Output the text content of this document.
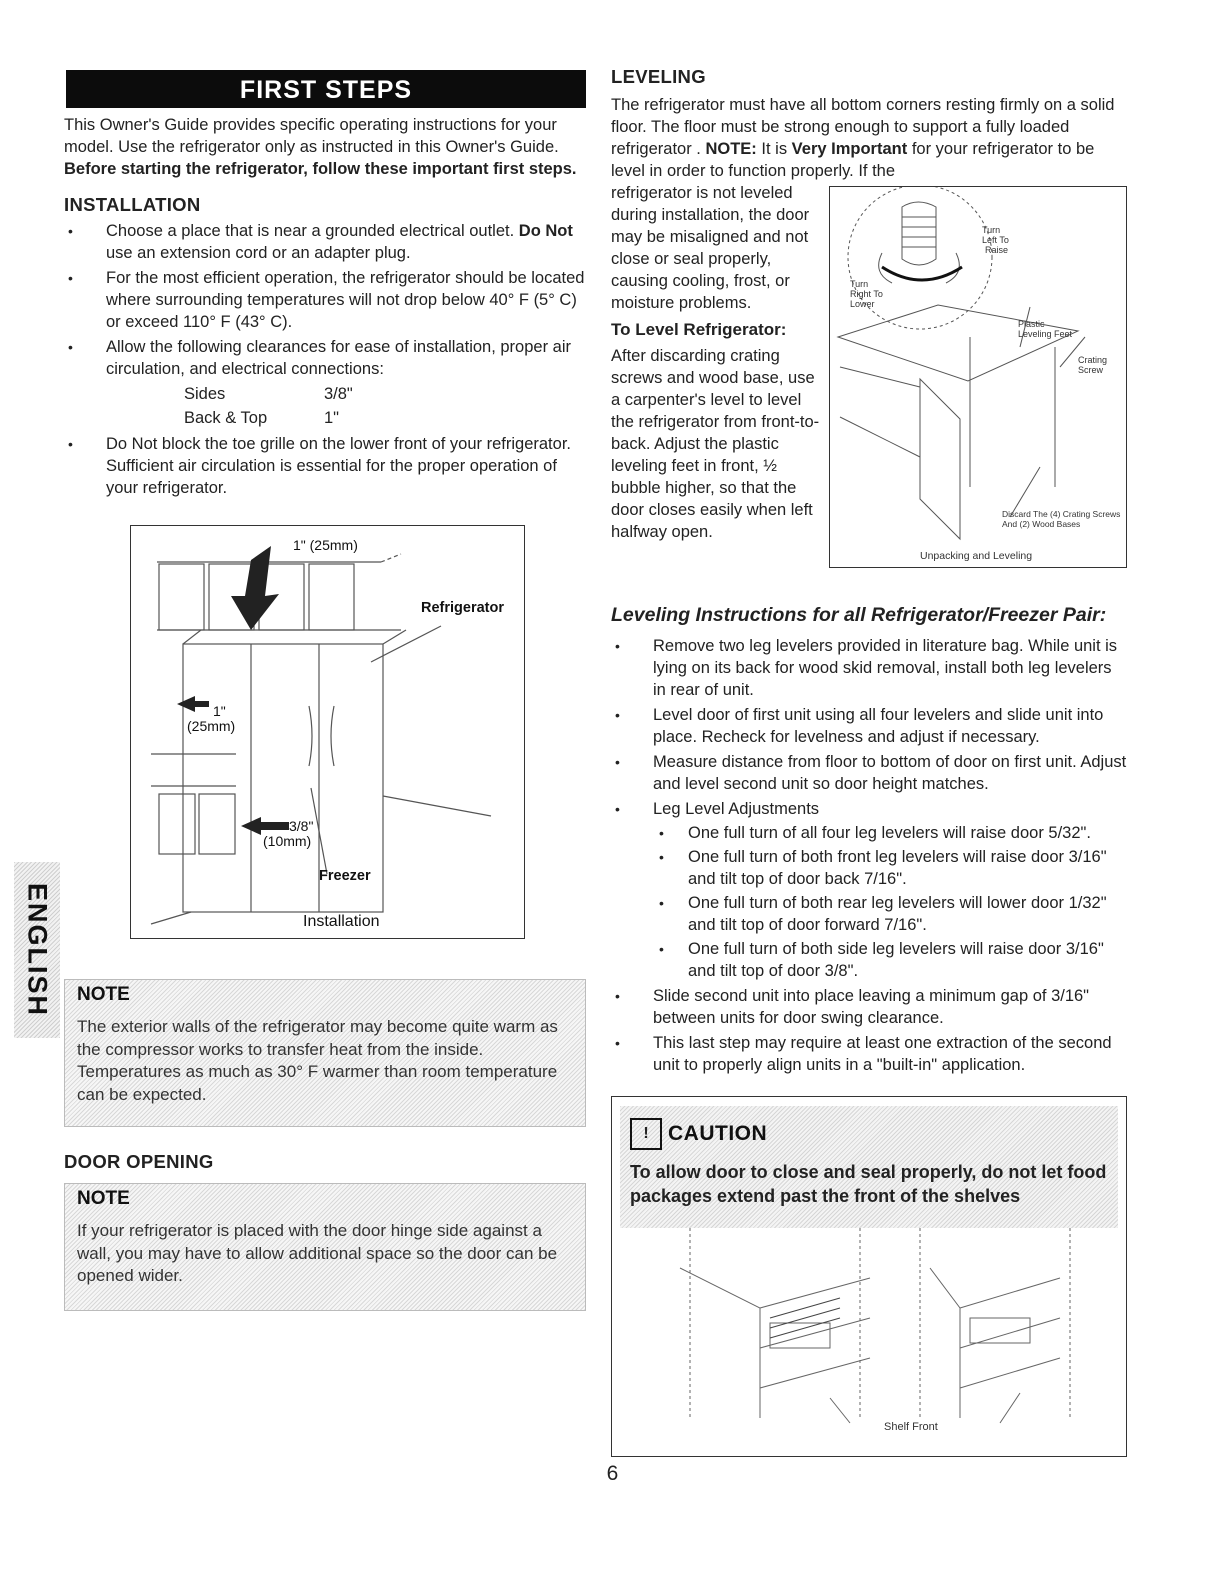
FIRST STEPS

This Owner's Guide provides specific operating instructions for your model. Use the refrigerator only as instructed in this Owner's Guide. Before starting the refrigerator, follow these important first steps.

INSTALLATION
• Choose a place that is near a grounded electrical outlet. Do Not use an extension cord or an adapter plug.
• For the most efficient operation, the refrigerator should be located where surrounding temperatures will not drop below 40° F (5° C) or exceed 110° F (43° C).
• Allow the following clearances for ease of installation, proper air circulation, and electrical connections:
Sides	3/8"
Back & Top	1"
• Do Not block the toe grille on the lower front of your refrigerator. Sufficient air circulation is essential for the proper operation of your refrigerator.
1" (25mm)
Refrigerator
1"
(25mm)
3/8"
(10mm)
Freezer
Installation
NOTE
The exterior walls of the refrigerator may become quite warm as the compressor works to transfer heat from the inside. Temperatures as much as 30° F warmer than room temperature can be expected.
DOOR OPENING
NOTE
If your refrigerator is placed with the door hinge side against a wall, you may have to allow additional space so the door can be opened wider.
LEVELING

The refrigerator must have all bottom corners resting firmly on a solid floor. The floor must be strong enough to support a fully loaded refrigerator . NOTE: It is Very Important for your refrigerator to be level in order to function properly. If the

refrigerator is not leveled during installation, the door may be misaligned and not close or seal properly, causing cooling, frost, or moisture problems.

To Level Refrigerator:

After discarding crating screws and wood base, use a carpenter's level to level the refrigerator from front-to-back. Adjust the plastic leveling feet in front, ½ bubble higher, so that the door closes easily when left halfway open.

Turn
Left To
Raise
Turn
Right To
Lower
Plastic
Leveling Feet
Crating
Screw
Discard The (4) Crating Screws
And (2) Wood Bases
Unpacking and Leveling
Leveling Instructions for all Refrigerator/Freezer Pair:
• Remove two leg levelers provided in literature bag. While unit is lying on its back for wood skid removal, install both leg levelers in rear of unit.
• Level door of first unit using all four levelers and slide unit into place. Recheck for levelness and adjust if necessary.
• Measure distance from floor to bottom of door on first unit. Adjust and level second unit so door height matches.
• Leg Level Adjustments
• One full turn of all four leg levelers will raise door 5/32".
• One full turn of both front leg levelers will raise door 3/16" and tilt top of door back 7/16".
• One full turn of both rear leg levelers will lower door 1/32" and tilt top of door forward 7/16".
• One full turn of both side leg levelers will raise door 3/16" and tilt top of door 3/8".
• Slide second unit into place leaving a minimum gap of 3/16" between units for door swing clearance.
• This last step may require at least one extraction of the second unit to properly align units in a "built-in" application.
! CAUTION
To allow door to close and seal properly, do not let food packages extend past the front of the shelves
Shelf Front
ENGLISH
6
